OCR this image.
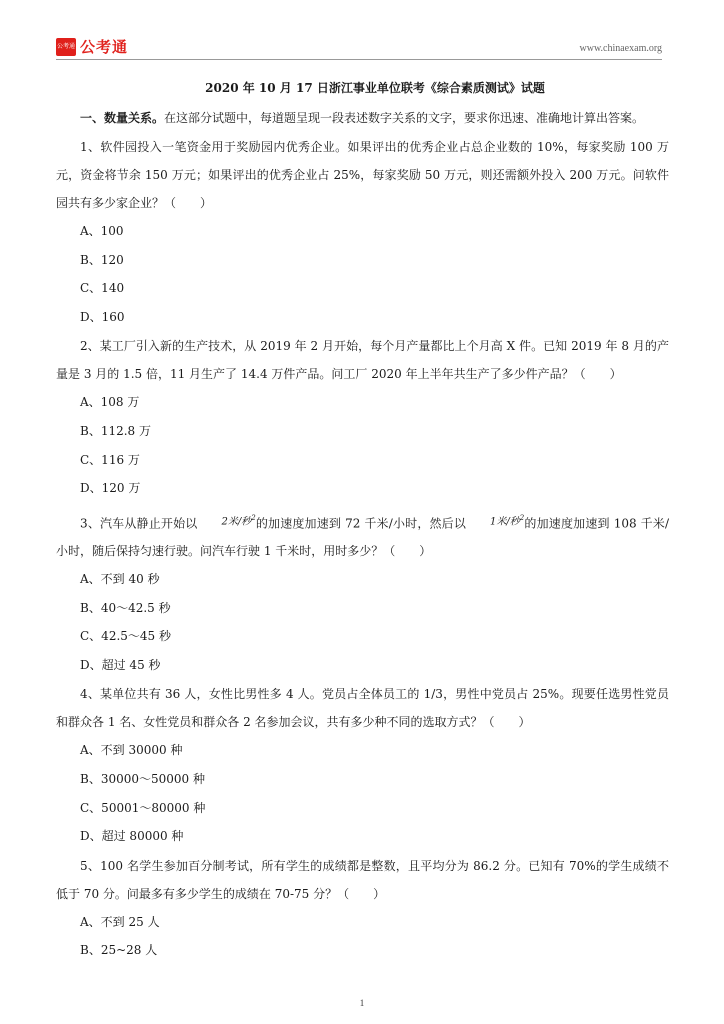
公考通 公考通	www.chinaexam.org
2020 年 10 月 17 日浙江事业单位联考《综合素质测试》试题

一、数量关系。在这部分试题中，每道题呈现一段表述数字关系的文字，要求你迅速、准确地计算出答案。

1、软件园投入一笔资金用于奖励园内优秀企业。如果评出的优秀企业占总企业数的 10%，每家奖励 100 万元，资金将节余 150 万元；如果评出的优秀企业占 25%，每家奖励 50 万元，则还需额外投入 200 万元。问软件园共有多少家企业？（　　）

A、100
B、120
C、140
D、160

2、某工厂引入新的生产技术，从 2019 年 2 月开始，每个月产量都比上个月高 X 件。已知 2019 年 8 月的产量是 3 月的 1.5 倍，11 月生产了 14.4 万件产品。问工厂 2020 年上半年共生产了多少件产品？（　　）

A、108 万
B、112.8 万
C、116 万
D、120 万

3、汽车从静止开始以 2米/秒$^2$的加速度加速到 72 千米/小时，然后以 1米/秒$^2$的加速度加速到 108 千米/小时，随后保持匀速行驶。问汽车行驶 1 千米时，用时多少？（　　）

A、不到 40 秒
B、40～42.5 秒
C、42.5～45 秒
D、超过 45 秒

4、某单位共有 36 人，女性比男性多 4 人。党员占全体员工的 1/3，男性中党员占 25%。现要任选男性党员和群众各 1 名、女性党员和群众各 2 名参加会议，共有多少种不同的选取方式？（　　）

A、不到 30000 种
B、30000～50000 种
C、50001～80000 种
D、超过 80000 种

5、100 名学生参加百分制考试，所有学生的成绩都是整数，且平均分为 86.2 分。已知有 70%的学生成绩不低于 70 分。问最多有多少学生的成绩在 70-75 分？（　　）

A、不到 25 人
B、25~28 人
1
